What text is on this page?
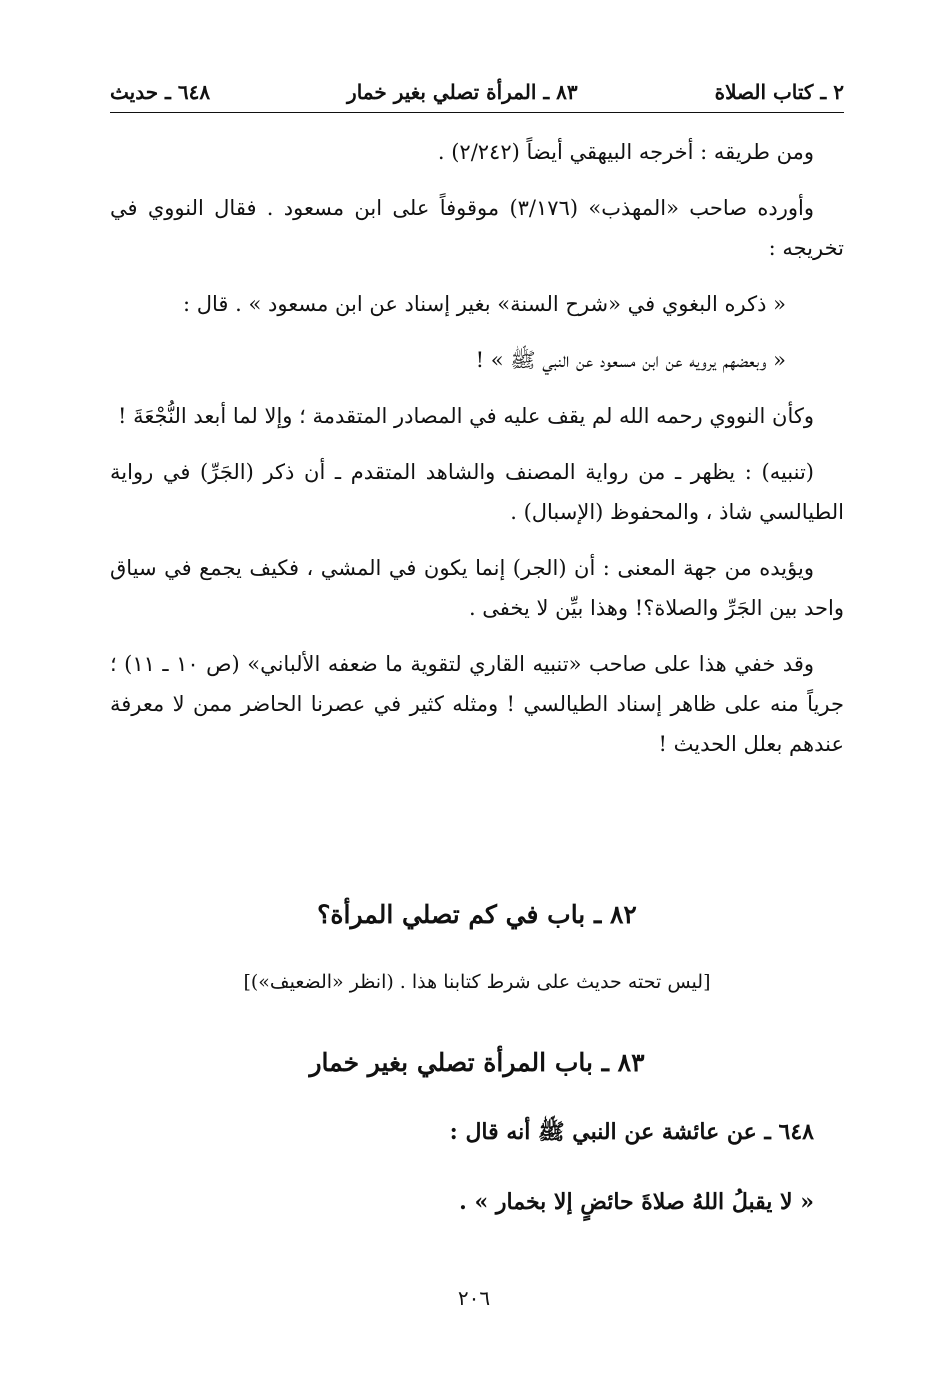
٢ ـ كتاب الصلاة
٨٣ ـ المرأة تصلي بغير خمار
٦٤٨ ـ حديث

ومن طريقه : أخرجه البيهقي أيضاً (٢/٢٤٢) .

وأورده صاحب «المهذب» (٣/١٧٦) موقوفاً على ابن مسعود . فقال النووي في تخريجه :

« ذكره البغوي في «شرح السنة» بغير إسناد عن ابن مسعود » . قال :

« وبعضهم يرويه عن ابن مسعود عن النبي ﷺ » !

وكأن النووي رحمه الله لم يقف عليه في المصادر المتقدمة ؛ وإلا لما أبعد النُّجْعَةَ !

(تنبيه) : يظهر ـ من رواية المصنف والشاهد المتقدم ـ أن ذكر (الجَرِّ) في رواية الطيالسي شاذ ، والمحفوظ (الإسبال) .

ويؤيده من جهة المعنى : أن (الجر) إنما يكون في المشي ، فكيف يجمع في سياق واحد بين الجَرِّ والصلاة؟! وهذا بيِّن لا يخفى .

وقد خفي هذا على صاحب «تنبيه القاري لتقوية ما ضعفه الألباني» (ص ١٠ ـ ١١) ؛ جرياً منه على ظاهر إسناد الطيالسي ! ومثله كثير في عصرنا الحاضر ممن لا معرفة عندهم بعلل الحديث !

٨٢ ـ باب في كم تصلي المرأة؟
[ليس تحته حديث على شرط كتابنا هذا . (انظر «الضعيف»)]
٨٣ ـ باب المرأة تصلي بغير خمار
٦٤٨ ـ عن عائشة عن النبي ﷺ أنه قال :
« لا يقبلُ اللهُ صلاةَ حائضٍ إلا بخمار » .
٢٠٦
